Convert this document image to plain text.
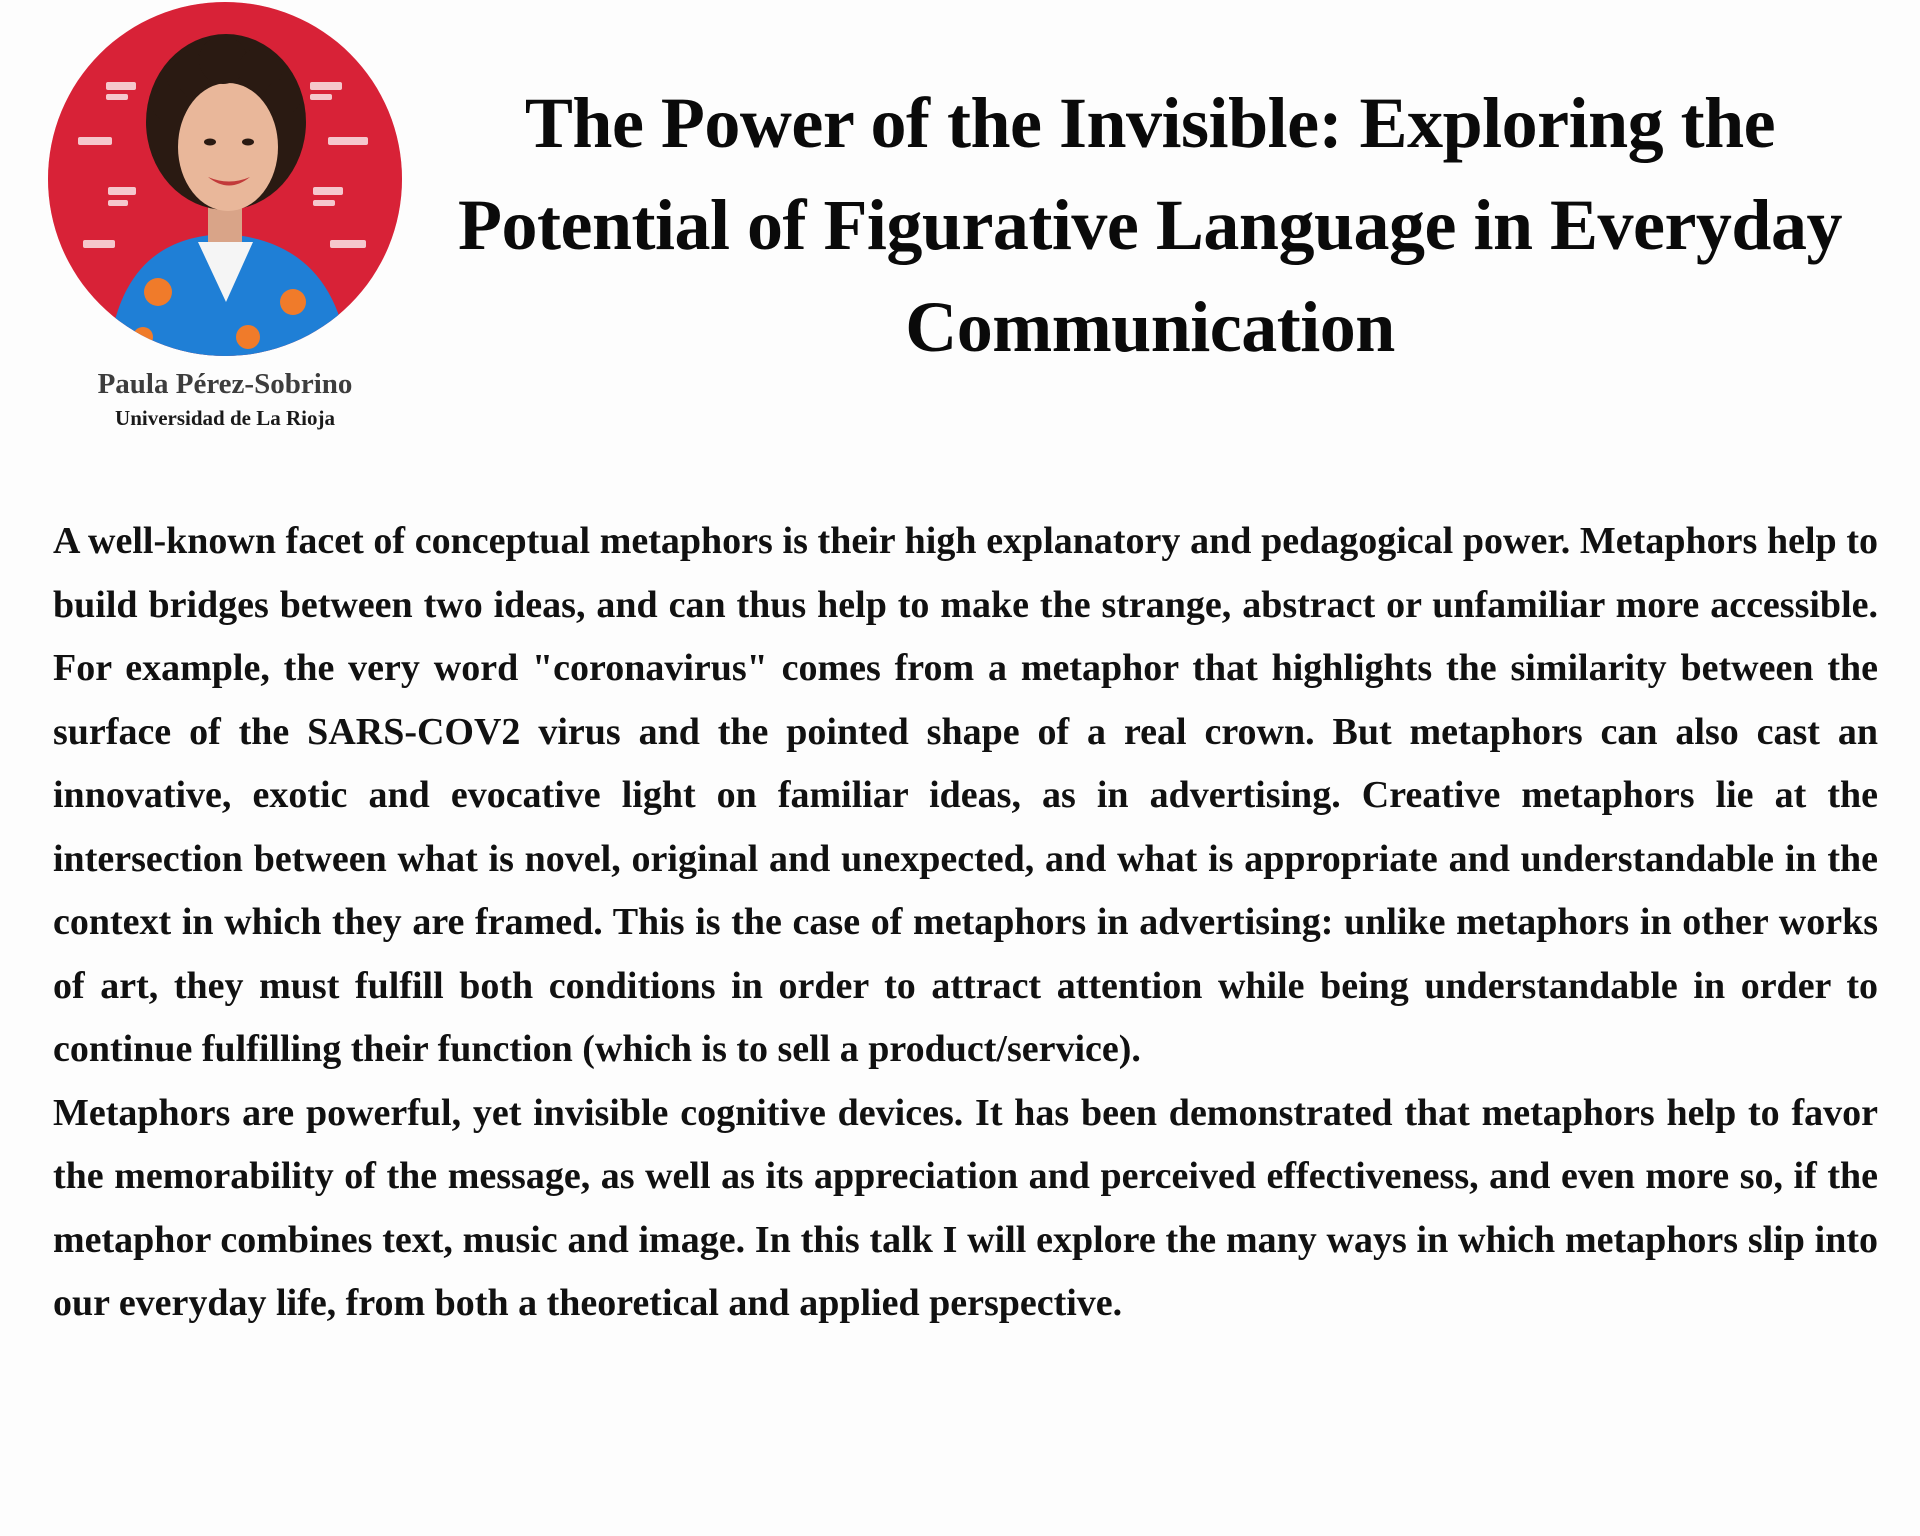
Paula Pérez-Sobrino
Universidad de La Rioja
The Power of the Invisible: Exploring the Potential of Figurative Language in Everyday Communication

A well-known facet of conceptual metaphors is their high explanatory and pedagogical power. Metaphors help to build bridges between two ideas, and can thus help to make the strange, abstract or unfamiliar more accessible. For example, the very word "coronavirus" comes from a metaphor that highlights the similarity between the surface of the SARS-COV2 virus and the pointed shape of a real crown. But metaphors can also cast an innovative, exotic and evocative light on familiar ideas, as in advertising. Creative metaphors lie at the intersection between what is novel, original and unexpected, and what is appropriate and understandable in the context in which they are framed. This is the case of metaphors in advertising: unlike metaphors in other works of art, they must fulfill both conditions in order to attract attention while being understandable in order to continue fulfilling their function (which is to sell a product/service).

Metaphors are powerful, yet invisible cognitive devices. It has been demonstrated that metaphors help to favor the memorability of the message, as well as its appreciation and perceived effectiveness, and even more so, if the metaphor combines text, music and image. In this talk I will explore the many ways in which metaphors slip into our everyday life, from both a theoretical and applied perspective.
